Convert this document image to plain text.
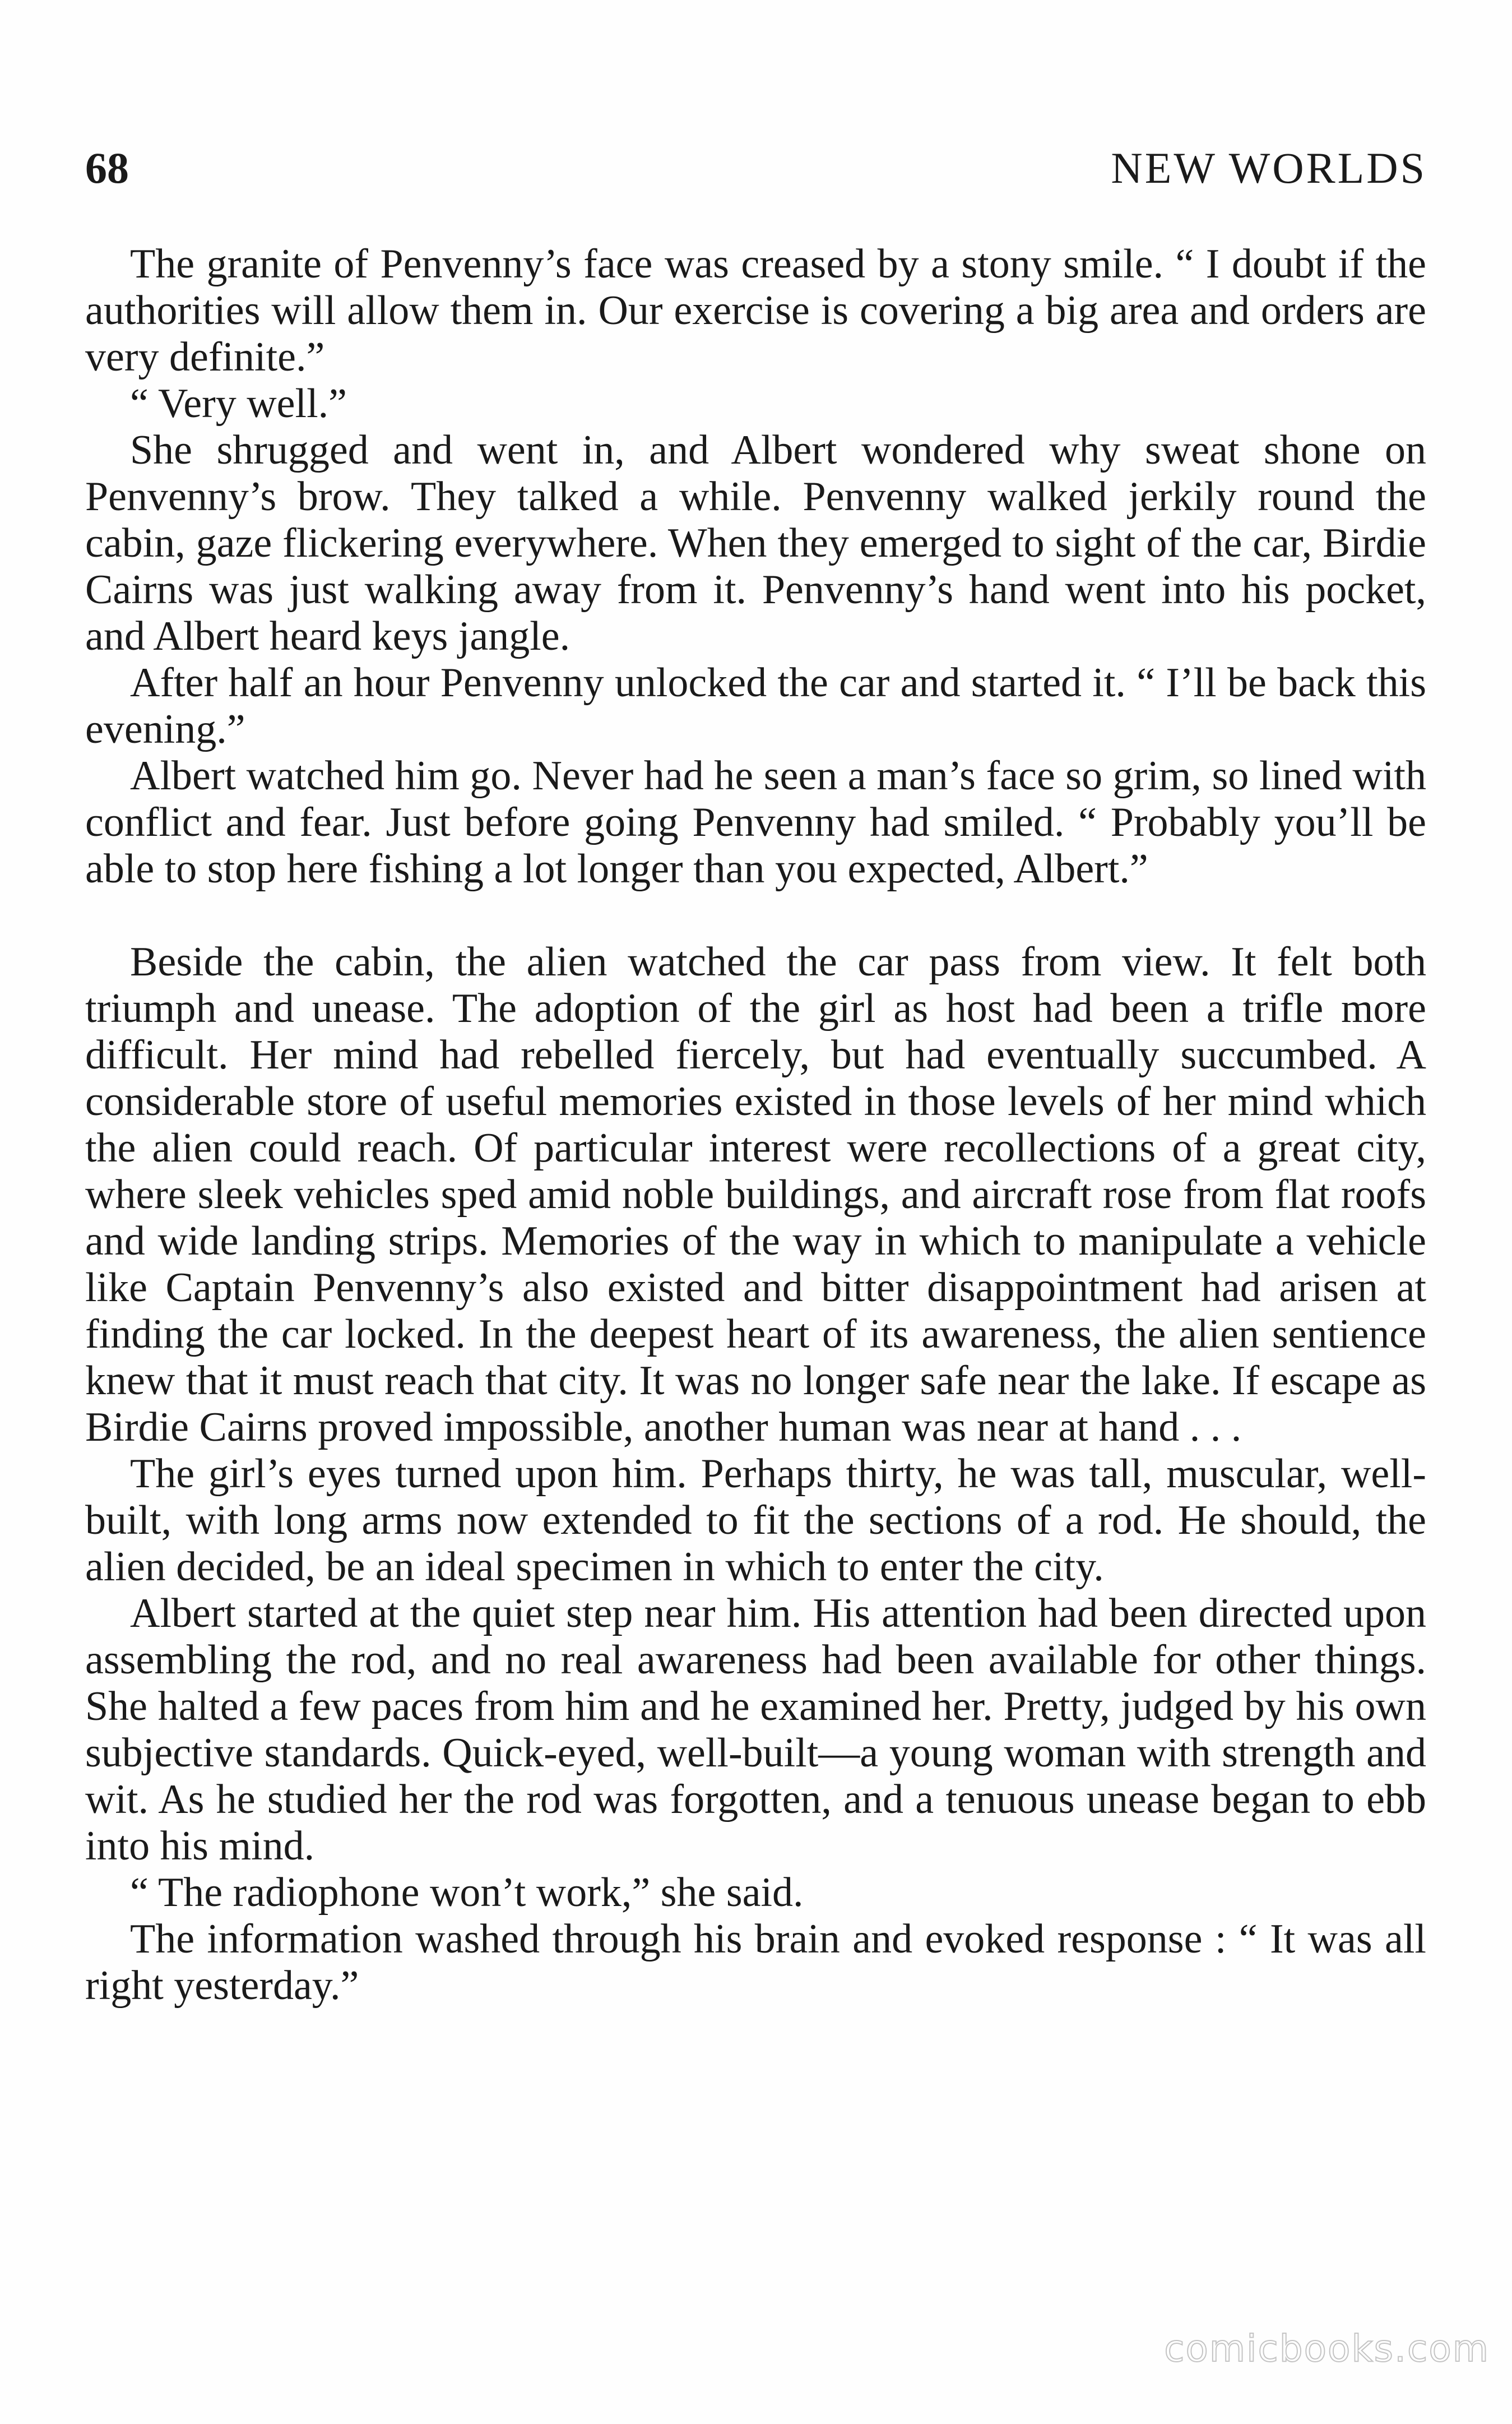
68	NEW WORLDS

The granite of Penvenny’s face was creased by a stony smile. “ I doubt if the authorities will allow them in. Our exercise is covering a big area and orders are very definite.”

“ Very well.”

She shrugged and went in, and Albert wondered why sweat shone on Penvenny’s brow. They talked a while. Penvenny walked jerkily round the cabin, gaze flickering everywhere. When they emerged to sight of the car, Birdie Cairns was just walking away from it. Penvenny’s hand went into his pocket, and Albert heard keys jangle.

After half an hour Penvenny unlocked the car and started it. “ I’ll be back this evening.”

Albert watched him go. Never had he seen a man’s face so grim, so lined with conflict and fear. Just before going Penvenny had smiled. “ Probably you’ll be able to stop here fishing a lot longer than you expected, Albert.”

Beside the cabin, the alien watched the car pass from view. It felt both triumph and unease. The adoption of the girl as host had been a trifle more difficult. Her mind had rebelled fiercely, but had eventually succumbed. A considerable store of useful memories existed in those levels of her mind which the alien could reach. Of particular interest were recollections of a great city, where sleek vehicles sped amid noble buildings, and aircraft rose from flat roofs and wide landing strips. Memories of the way in which to manipulate a vehicle like Captain Penvenny’s also existed and bitter disappointment had arisen at finding the car locked. In the deepest heart of its awareness, the alien sentience knew that it must reach that city. It was no longer safe near the lake. If escape as Birdie Cairns proved impossible, another human was near at hand . . .

The girl’s eyes turned upon him. Perhaps thirty, he was tall, muscular, well-built, with long arms now extended to fit the sections of a rod. He should, the alien decided, be an ideal specimen in which to enter the city.

Albert started at the quiet step near him. His attention had been directed upon assembling the rod, and no real awareness had been available for other things. She halted a few paces from him and he examined her. Pretty, judged by his own subjective standards. Quick-eyed, well-built—a young woman with strength and wit. As he studied her the rod was forgotten, and a tenuous unease began to ebb into his mind.

“ The radiophone won’t work,” she said.

The information washed through his brain and evoked response : “ It was all right yesterday.”

comicbooks.com
